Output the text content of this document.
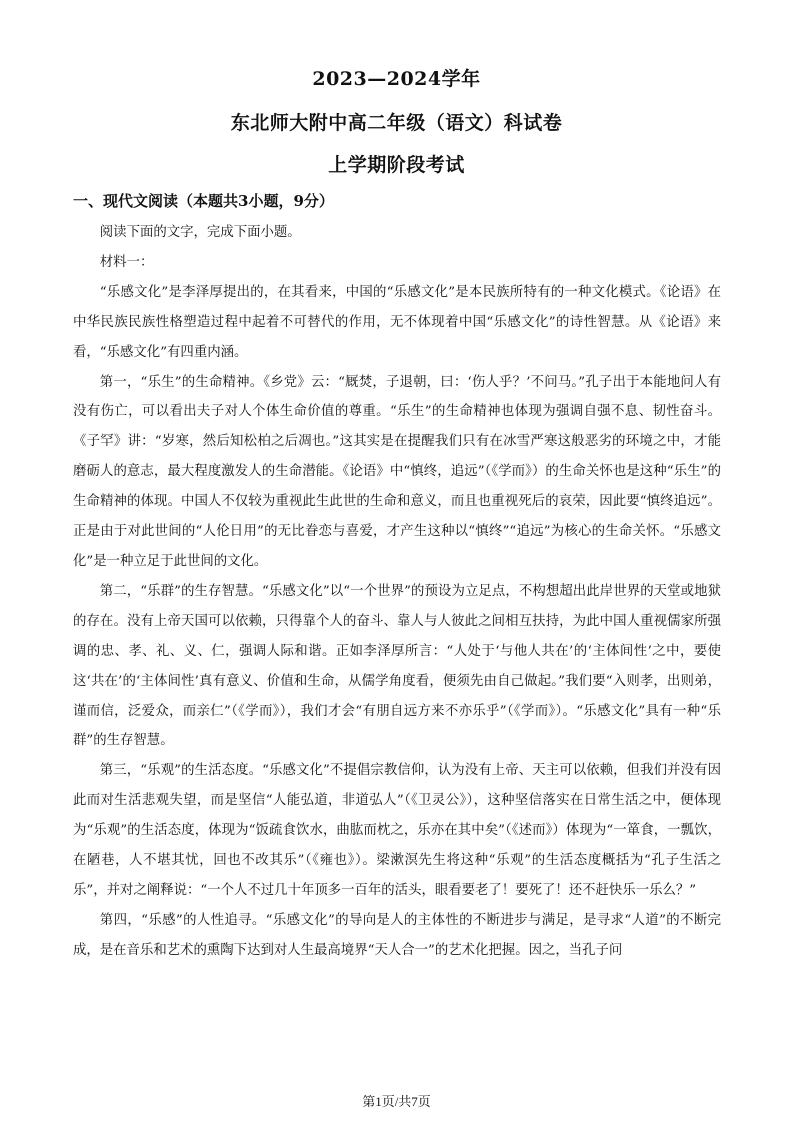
2023—2024学年
东北师大附中高二年级（语文）科试卷
上学期阶段考试
一、现代文阅读（本题共3小题，9分）

阅读下面的文字，完成下面小题。

材料一：

“乐感文化”是李泽厚提出的，在其看来，中国的“乐感文化”是本民族所特有的一种文化模式。《论语》在中华民族民族性格塑造过程中起着不可替代的作用，无不体现着中国“乐感文化”的诗性智慧。从《论语》来看，“乐感文化”有四重内涵。

第一，“乐生”的生命精神。《乡党》云：“厩焚，子退朝，曰：‘伤人乎？’不问马。”孔子出于本能地问人有没有伤亡，可以看出夫子对人个体生命价值的尊重。“乐生”的生命精神也体现为强调自强不息、韧性奋斗。《子罕》讲：“岁寒，然后知松柏之后凋也。”这其实是在提醒我们只有在冰雪严寒这般恶劣的环境之中，才能磨砺人的意志，最大程度激发人的生命潜能。《论语》中“慎终，追远”（《学而》）的生命关怀也是这种“乐生”的生命精神的体现。中国人不仅较为重视此生此世的生命和意义，而且也重视死后的哀荣，因此要“慎终追远”。正是由于对此世间的“人伦日用”的无比眷恋与喜爱，才产生这种以“慎终”“追远”为核心的生命关怀。“乐感文化”是一种立足于此世间的文化。

第二，“乐群”的生存智慧。“乐感文化”以“一个世界”的预设为立足点，不构想超出此岸世界的天堂或地狱的存在。没有上帝天国可以依赖，只得靠个人的奋斗、靠人与人彼此之间相互扶持，为此中国人重视儒家所强调的忠、孝、礼、义、仁，强调人际和谐。正如李泽厚所言：“人处于‘与他人共在’的‘主体间性’之中，要使这‘共在’的‘主体间性’真有意义、价值和生命，从儒学角度看，便须先由自己做起。”我们要“入则孝，出则弟，谨而信，泛爱众，而亲仁”（《学而》），我们才会“有朋自远方来不亦乐乎”（《学而》）。“乐感文化”具有一种“乐群”的生存智慧。

第三，“乐观”的生活态度。“乐感文化”不提倡宗教信仰，认为没有上帝、天主可以依赖，但我们并没有因此而对生活悲观失望，而是坚信“人能弘道，非道弘人”（《卫灵公》），这种坚信落实在日常生活之中，便体现为“乐观”的生活态度，体现为“饭疏食饮水，曲肱而枕之，乐亦在其中矣”（《述而》）体现为“一箪食，一瓢饮，在陋巷，人不堪其忧，回也不改其乐”（《雍也》）。梁漱溟先生将这种“乐观”的生活态度概括为“孔子生活之乐”，并对之阐释说：“一个人不过几十年顶多一百年的活头，眼看要老了！要死了！还不赶快乐一乐么？”

第四，“乐感”的人性追寻。“乐感文化”的导向是人的主体性的不断进步与满足，是寻求“人道”的不断完成，是在音乐和艺术的熏陶下达到对人生最高境界“天人合一”的艺术化把握。因之，当孔子问

第1页/共7页
